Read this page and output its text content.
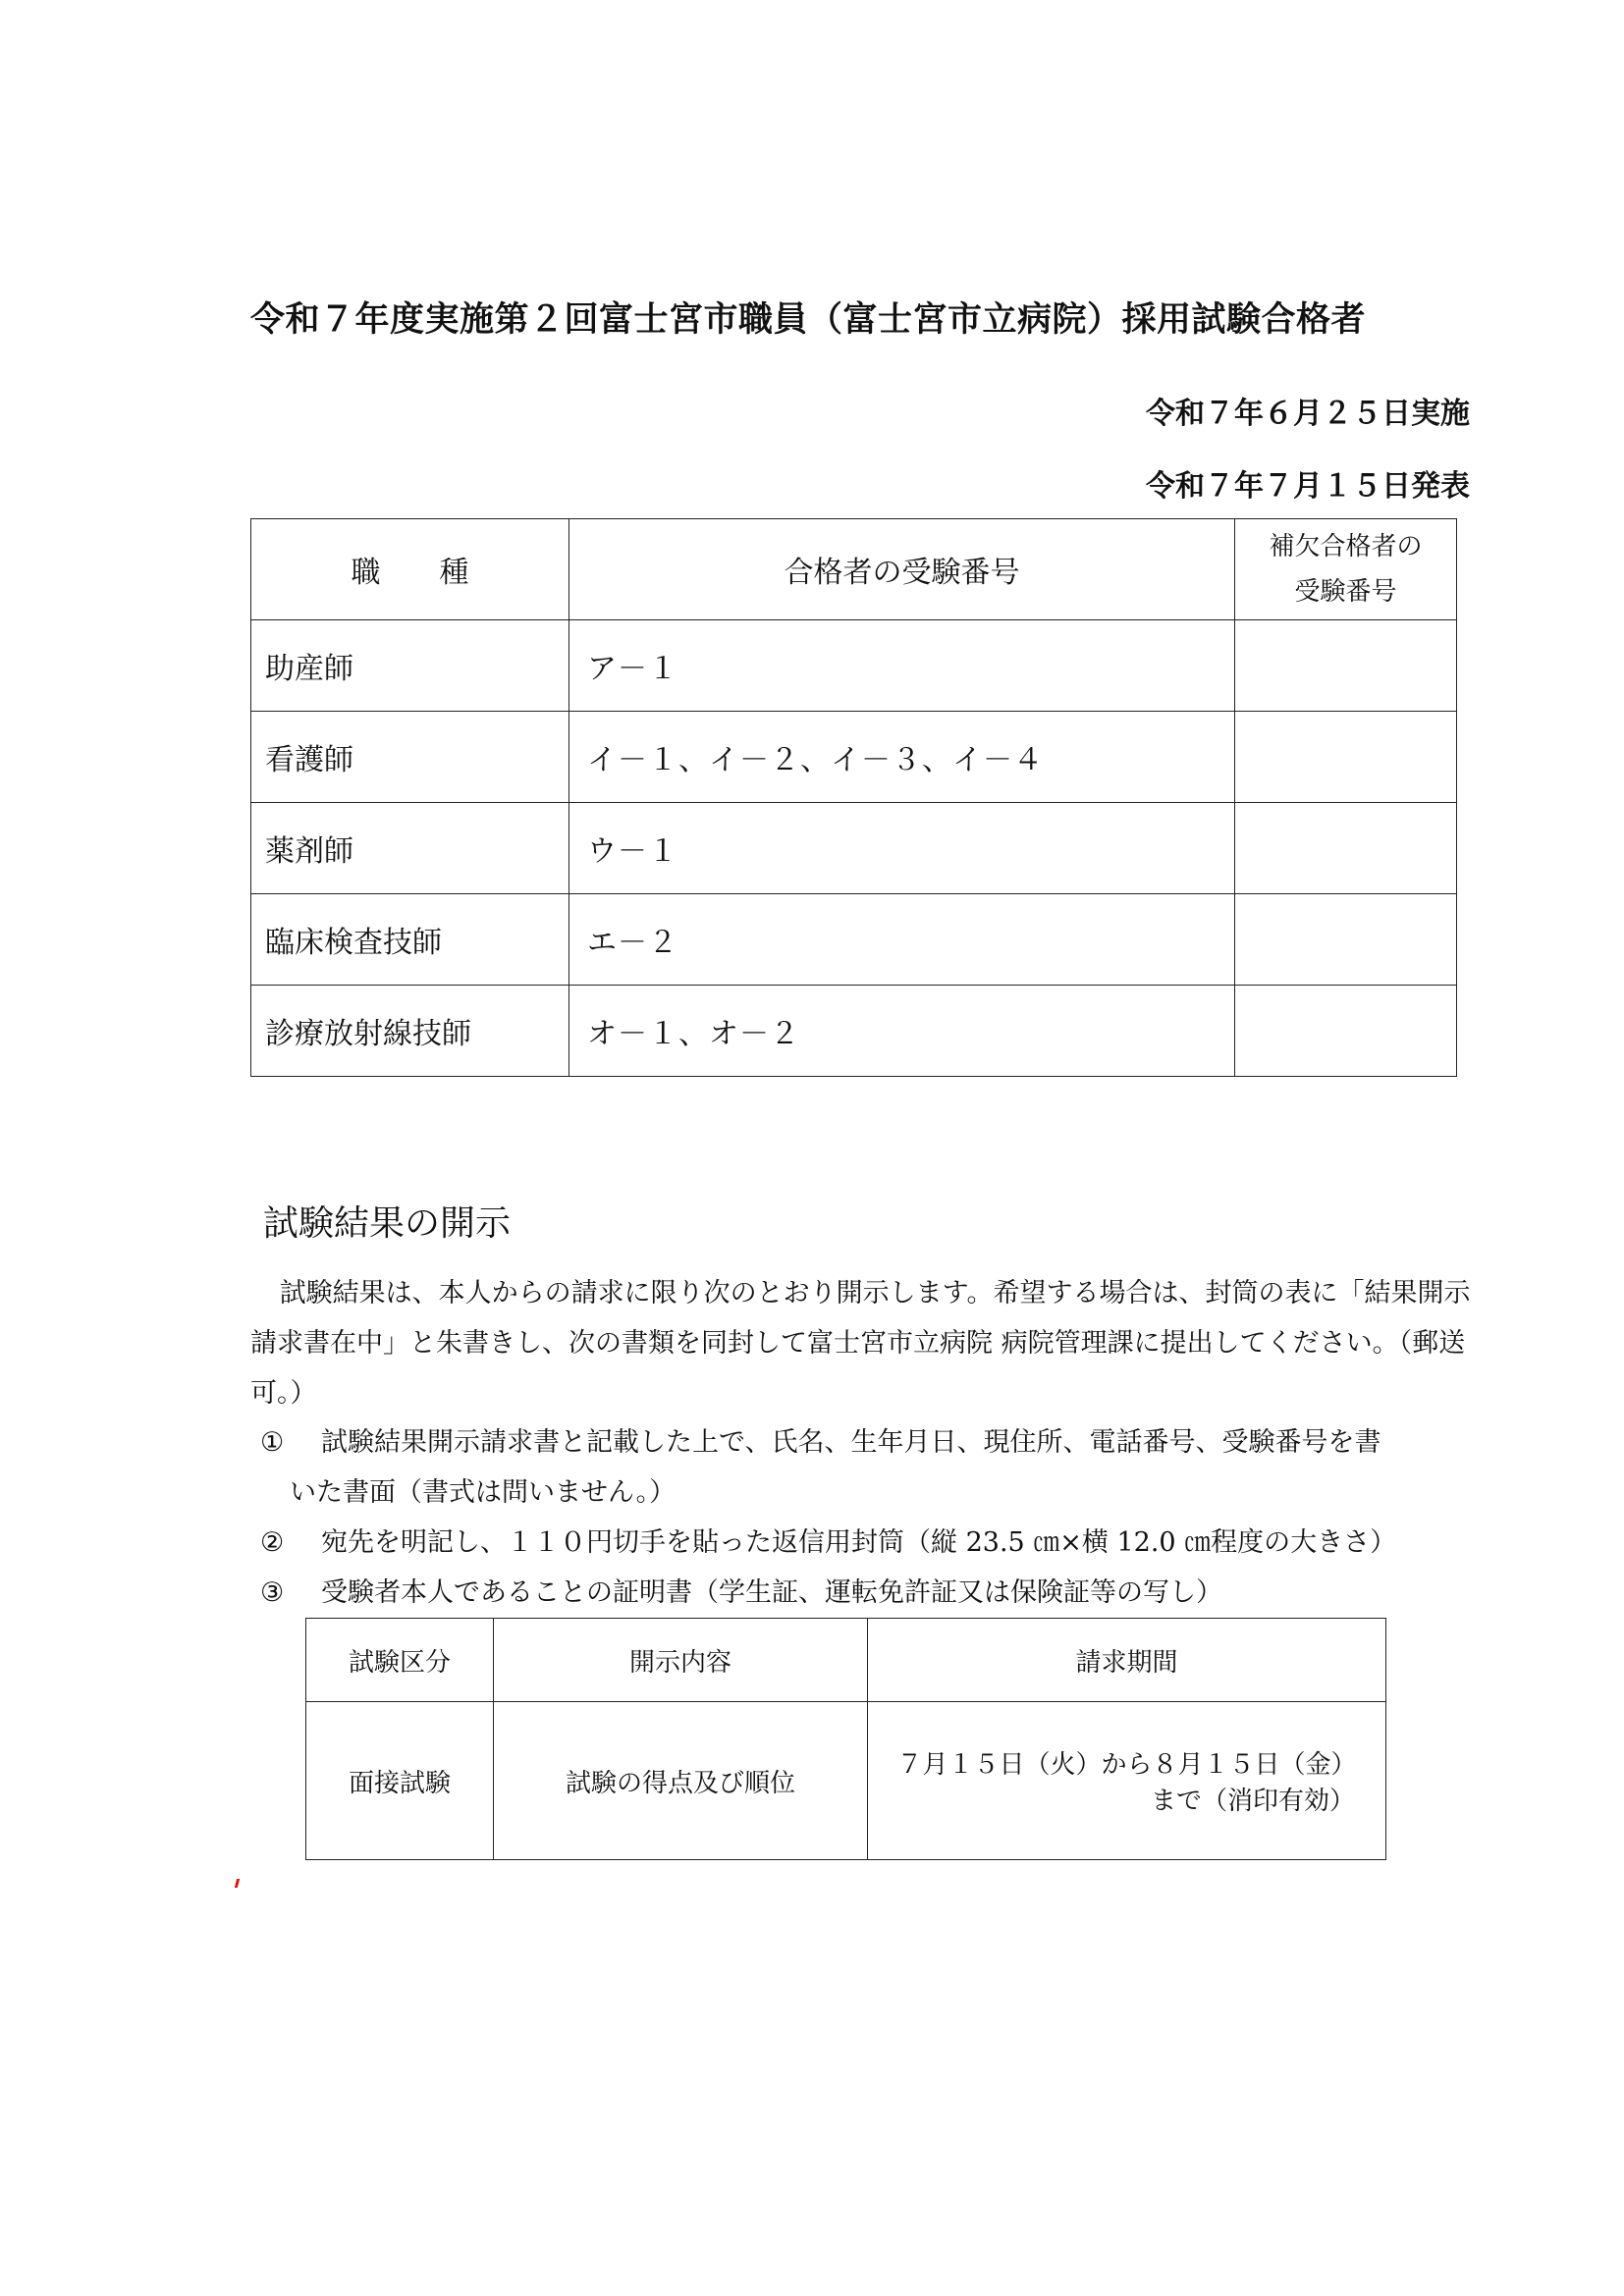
令和７年度実施第２回富士宮市職員（富士宮市立病院）採用試験合格者
令和７年６月２５日実施
令和７年７月１５日発表
職　　種	合格者の受験番号	補欠合格者の
受験番号
助産師	ア－１	
看護師	イ－１、イ－２、イ－３、イ－４	
薬剤師	ウ－１	
臨床検査技師	エ－２	
診療放射線技師	オ－１、オ－２	
試験結果の開示
試験結果は、本人からの請求に限り次のとおり開示します。希望する場合は、封筒の表に「結果開示請求書在中」と朱書きし、次の書類を同封して富士宮市立病院 病院管理課に提出してください。（郵送可。）
① 試験結果開示請求書と記載した上で、氏名、生年月日、現住所、電話番号、受験番号を書
いた書面（書式は問いません。）
② 宛先を明記し、１１０円切手を貼った返信用封筒（縦 23.5 ㎝×横 12.0 ㎝程度の大きさ）
③ 受験者本人であることの証明書（学生証、運転免許証又は保険証等の写し）
試験区分	開示内容	請求期間
面接試験	試験の得点及び順位	７月１５日（火）から８月１５日（金）
まで（消印有効）
